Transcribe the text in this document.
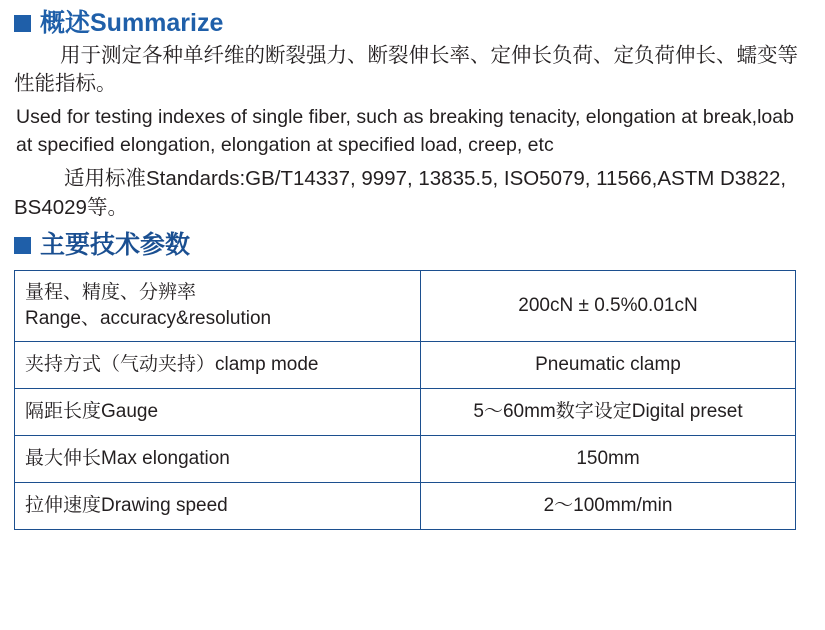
概述Summarize

用于测定各种单纤维的断裂强力、断裂伸长率、定伸长负荷、定负荷伸长、蠕变等性能指标。

Used for testing indexes of single fiber, such as breaking tenacity, elongation at break,loab at specified elongation, elongation at specified load, creep, etc

适用标准Standards:GB/T14337, 9997, 13835.5, ISO5079, 11566,ASTM D3822, BS4029等。

主要技术参数
量程、精度、分辨率
Range、accuracy&resolution	200cN ± 0.5%0.01cN
夹持方式（气动夹持）clamp mode	Pneumatic clamp
隔距长度Gauge	5～60mm数字设定Digital preset
最大伸长Max elongation	150mm
拉伸速度Drawing speed	2～100mm/min
